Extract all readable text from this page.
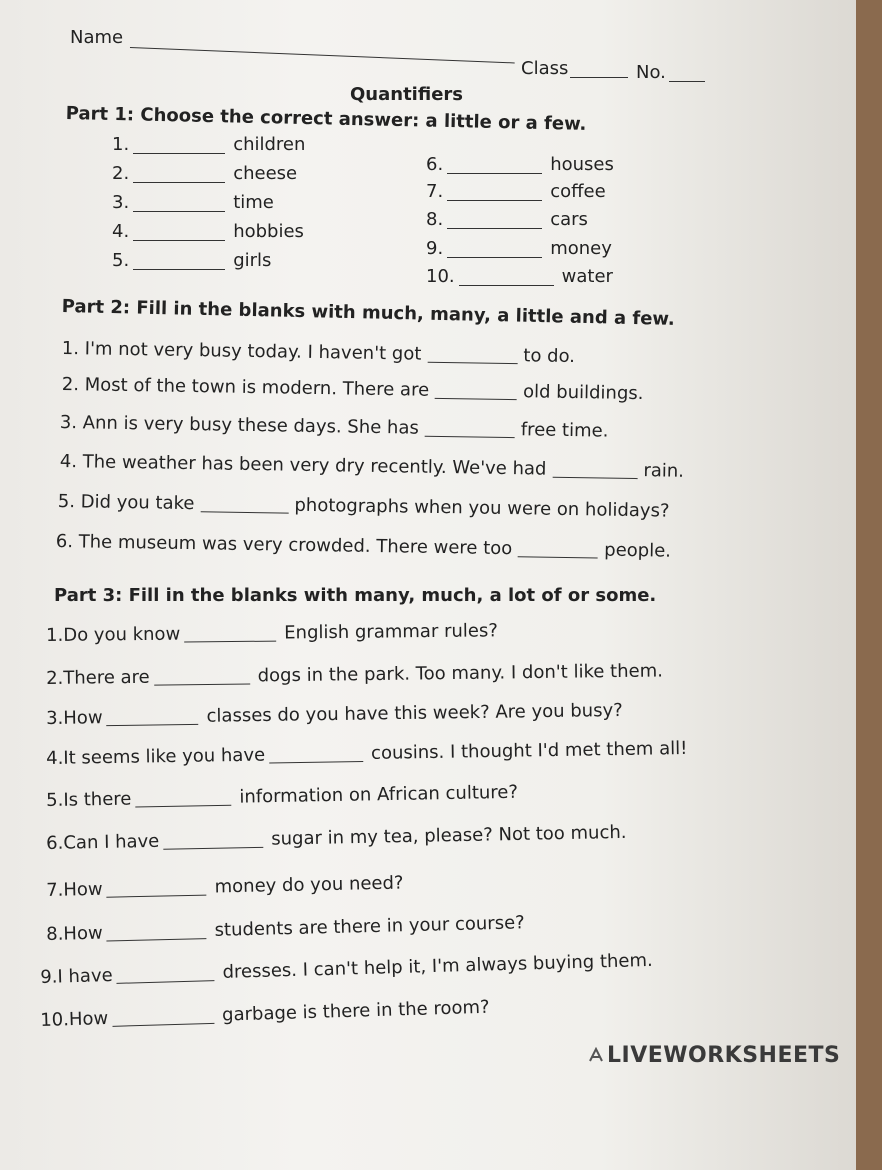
Name
Class	No.
Quantifiers
Part 1: Choose the correct answer: a little or a few.
1.	children
2.	cheese
3.	time
4.	hobbies
5.	girls
6.	houses
7.	coffee
8.	cars
9.	money
10.	water
Part 2: Fill in the blanks with much, many, a little and a few.
1. I'm not very busy today. I haven't got	to do.
2. Most of the town is modern. There are	old buildings.
3. Ann is very busy these days. She has	free time.
4. The weather has been very dry recently. We've had	rain.
5. Did you take	photographs when you were on holidays?
6. The museum was very crowded. There were too	people.
Part 3: Fill in the blanks with many, much, a lot of or some.
1.Do you know	English grammar rules?
2.There are	dogs in the park. Too many. I don't like them.
3.How	classes do you have this week? Are you busy?
4.It seems like you have	cousins. I thought I'd met them all!
5.Is there	information on African culture?
6.Can I have	sugar in my tea, please? Not too much.
7.How	money do you need?
8.How	students are there in your course?
9.I have	dresses. I can't help it, I'm always buying them.
10.How	garbage is there in the room?
LIVEWORKSHEETS
